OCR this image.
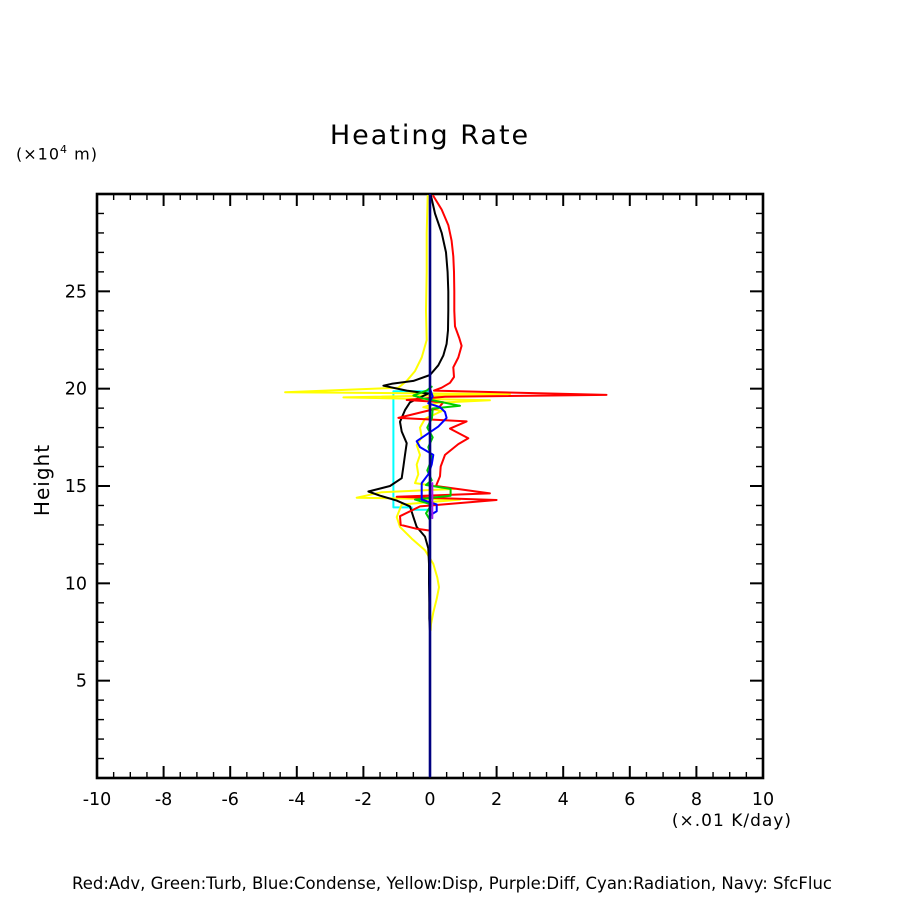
Heating Rate
($\times 10^4$ m)
Height
(×.01 K/day)
-10 -8	-6	-4	-2	0	2	4	6	8	10
5
10
15
20
25
Red:Adv, Green:Turb, Blue:Condense, Yellow:Disp, Purple:Diff, Cyan:Radiation, Navy: SfcFluc
